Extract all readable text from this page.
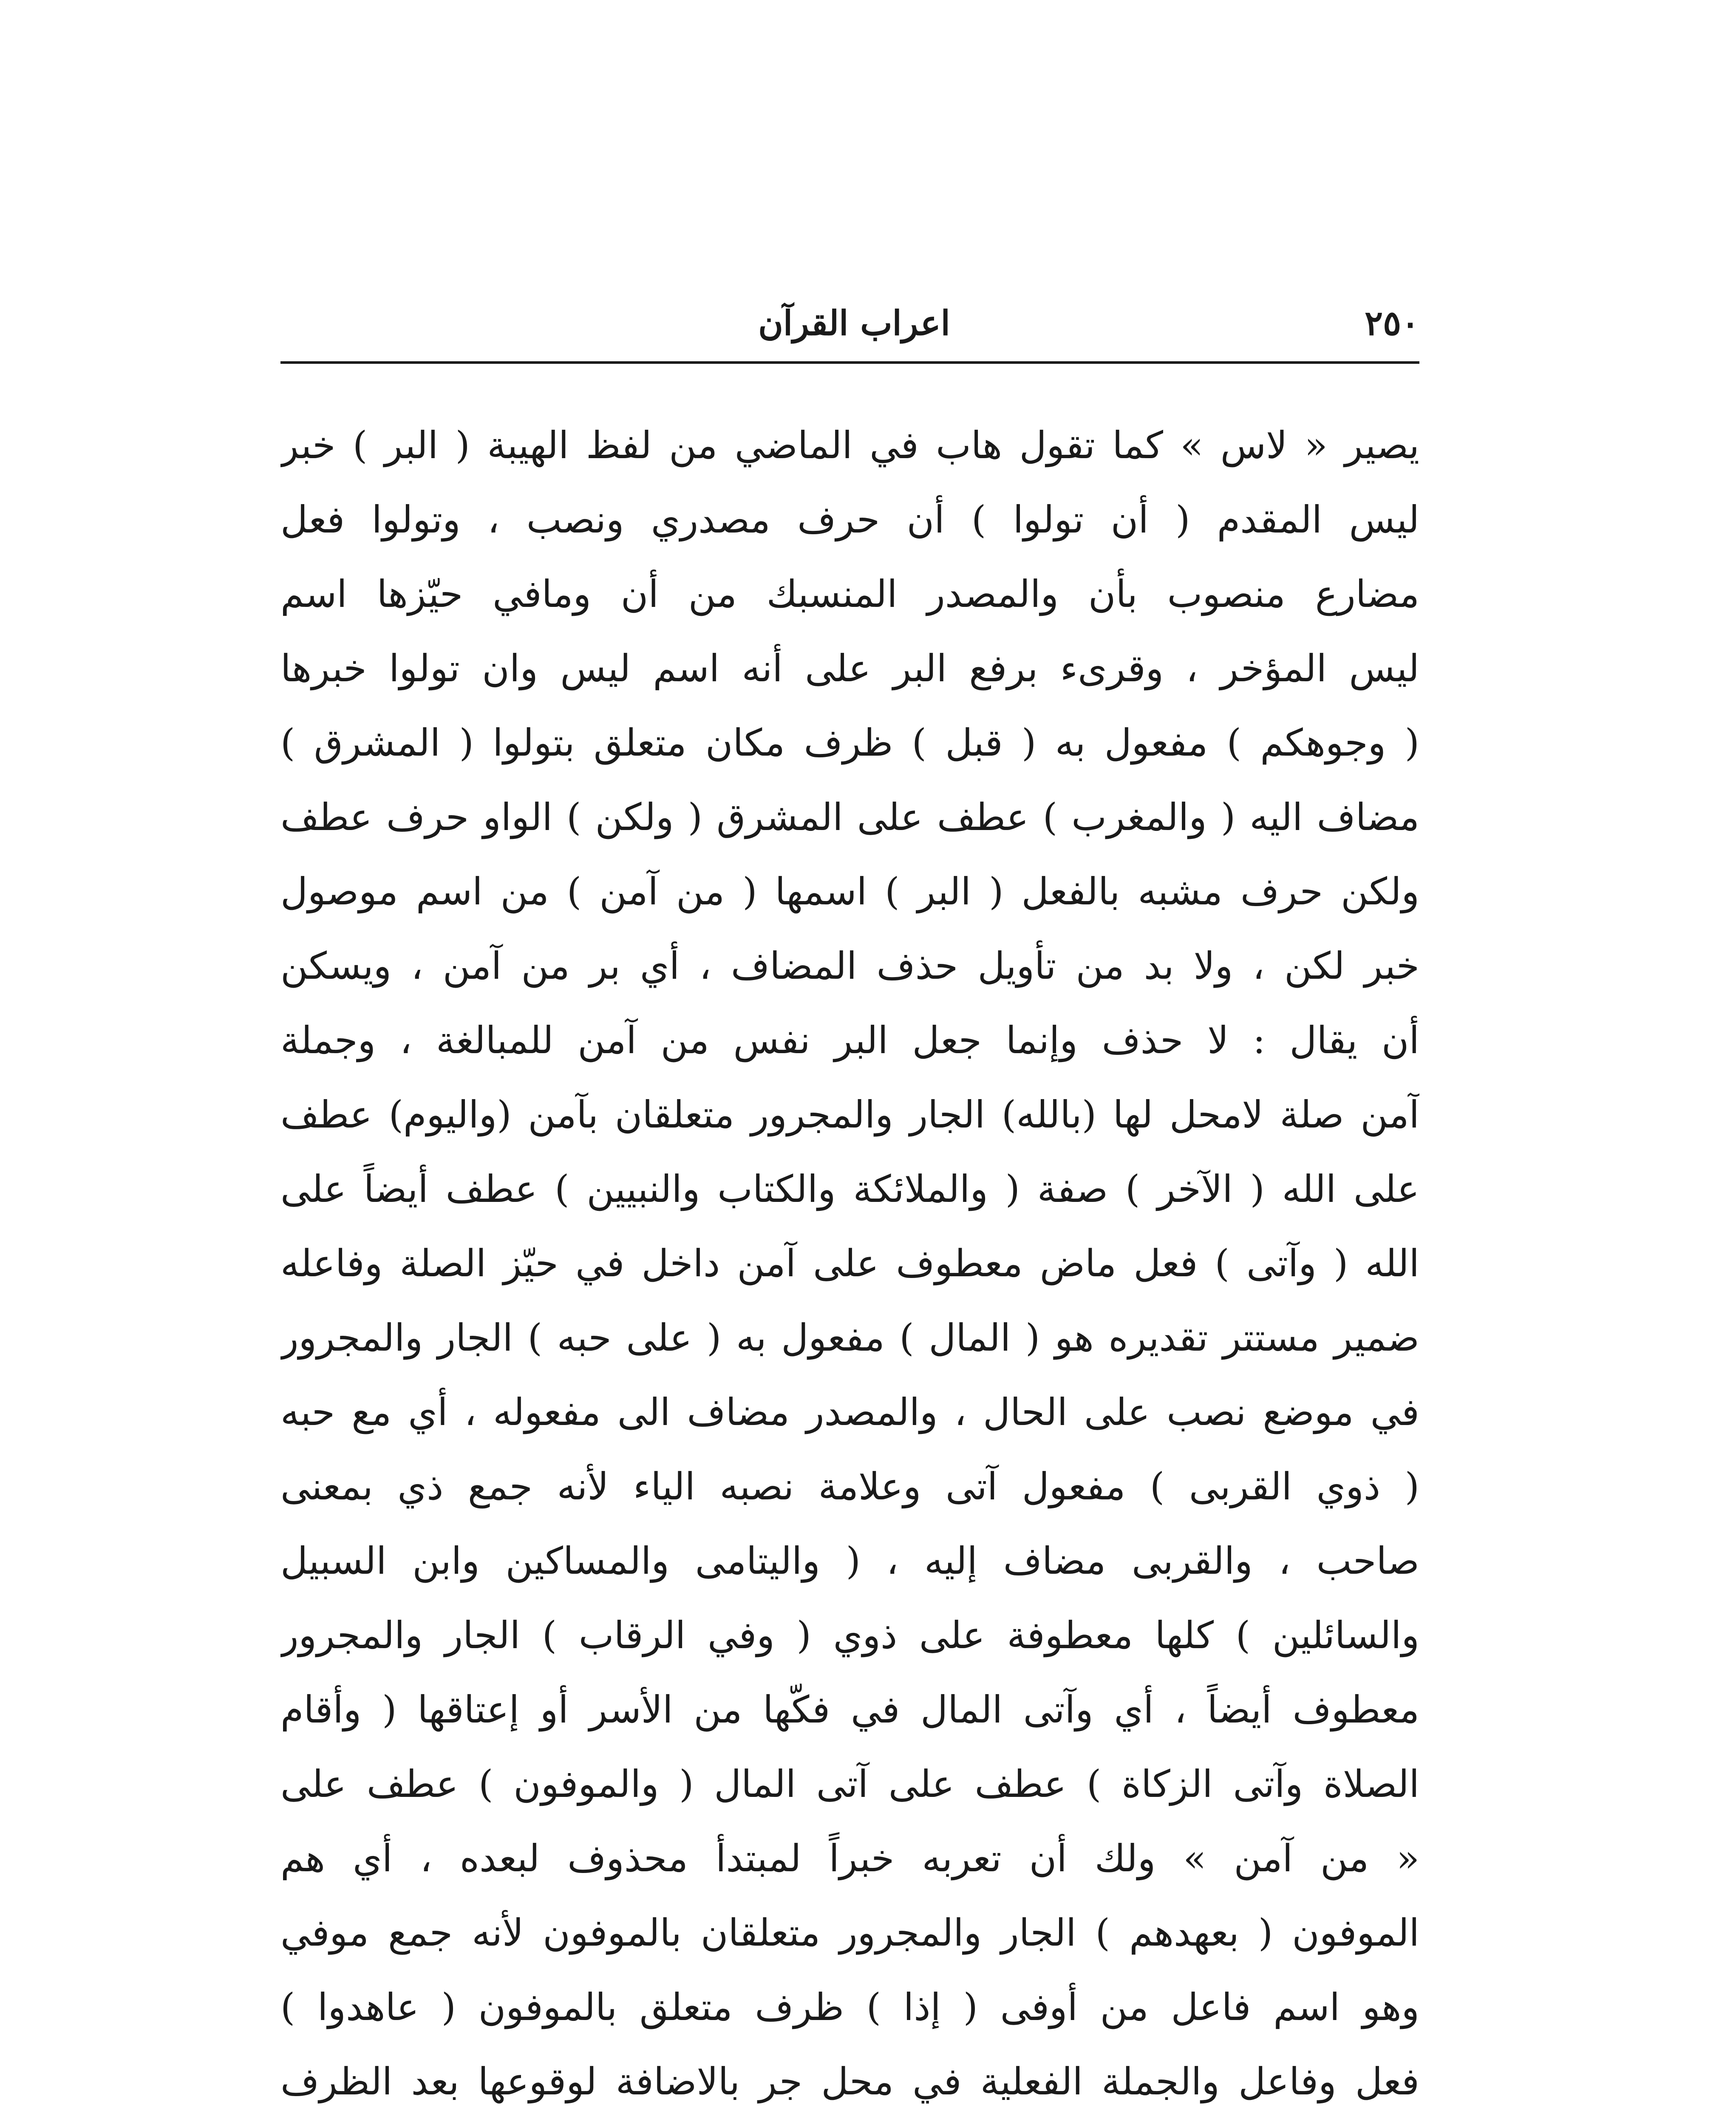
٢٥٠
اعراب القرآن
يصير « لاس » كما تقول هاب في الماضي من لفظ الهيبة ( البر ) خبر
ليس المقدم ( أن تولوا ) أن حرف مصدري ونصب ، وتولوا فعل
مضارع منصوب بأن والمصدر المنسبك من أن ومافي حيّزها اسم
ليس المؤخر ، وقرىء برفع البر على أنه اسم ليس وان تولوا خبرها
( وجوهكم ) مفعول به ( قبل ) ظرف مكان متعلق بتولوا ( المشرق )
مضاف اليه ( والمغرب ) عطف على المشرق ( ولكن ) الواو حرف عطف
ولكن حرف مشبه بالفعل ( البر ) اسمها ( من آمن ) من اسم موصول
خبر لكن ، ولا بد من تأويل حذف المضاف ، أي بر من آمن ، ويسكن
أن يقال : لا حذف وإنما جعل البر نفس من آمن للمبالغة ، وجملة
آمن صلة لامحل لها (بالله) الجار والمجرور متعلقان بآمن (واليوم) عطف
على الله ( الآخر ) صفة ( والملائكة والكتاب والنبيين ) عطف أيضاً على
الله ( وآتى ) فعل ماض معطوف على آمن داخل في حيّز الصلة وفاعله
ضمير مستتر تقديره هو ( المال ) مفعول به ( على حبه ) الجار والمجرور
في موضع نصب على الحال ، والمصدر مضاف الى مفعوله ، أي مع حبه
( ذوي القربى ) مفعول آتى وعلامة نصبه الياء لأنه جمع ذي بمعنى
صاحب ، والقربى مضاف إليه ، ( واليتامى والمساكين وابن السبيل
والسائلين ) كلها معطوفة على ذوي ( وفي الرقاب ) الجار والمجرور
معطوف أيضاً ، أي وآتى المال في فكّها من الأسر أو إعتاقها ( وأقام
الصلاة وآتى الزكاة ) عطف على آتى المال ( والموفون ) عطف على
« من آمن » ولك أن تعربه خبراً لمبتدأ محذوف لبعده ، أي هم
الموفون ( بعهدهم ) الجار والمجرور متعلقان بالموفون لأنه جمع موفي
وهو اسم فاعل من أوفى ( إذا ) ظرف متعلق بالموفون ( عاهدوا )
فعل وفاعل والجملة الفعلية في محل جر بالاضافة لوقوعها بعد الظرف
